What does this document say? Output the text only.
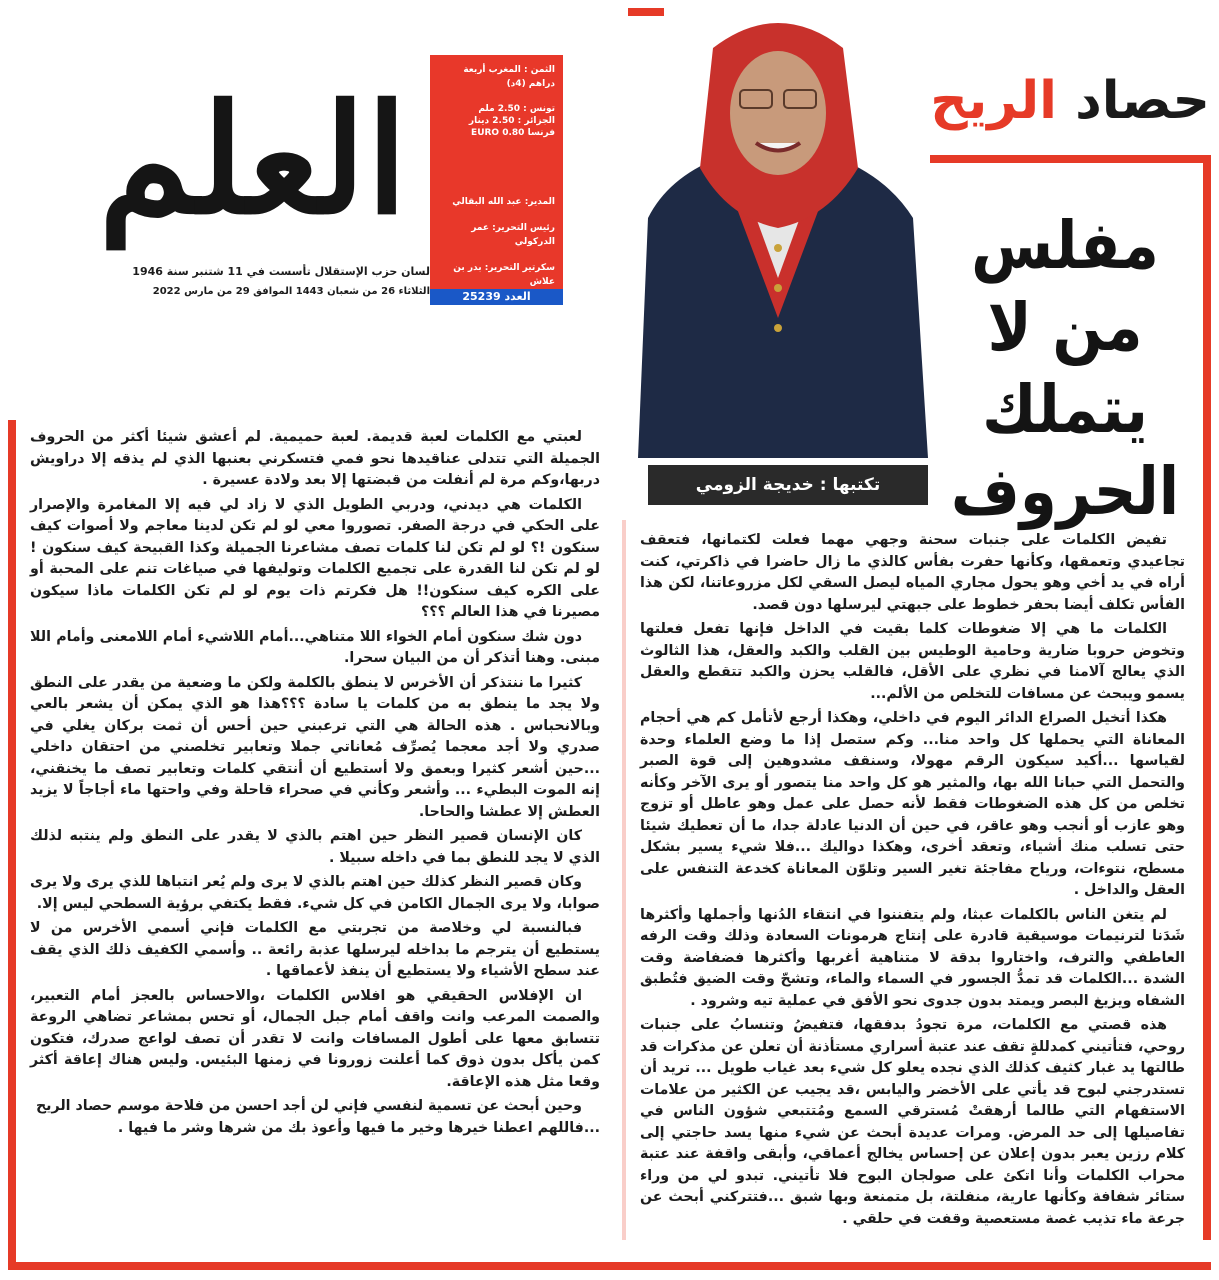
العلم
لسان حزب الإستقلال تأسست في 11 شتنبر سنة 1946
الثلاثاء 26 من شعبان 1443 الموافق 29 من مارس 2022
الثمن : المغرب أربعة دراهم (4د)
تونس : 2.50 ملم
الجزائر : 2.50 دينار
فرنسا 0.80 EURO
المدير: عبد الله البقالي
رئيس التحرير: عمر الدركولي
سكرتير التحرير: بدر بن علاش
العدد 25239
حصاد الريح
مفلس
من لا يتملك
الحروف
تكتبها : خديجة الزومي

تفيض الكلمات على جنبات سحنة وجهي مهما فعلت لكتمانها، فتعقف تجاعيدي وتعمقها، وكأنها حفرت بفأس كالذي ما زال حاضرا في ذاكرتي، كنت أراه في يد أخي وهو يحول مجاري المياه ليصل السقي لكل مزروعاتنا، لكن هذا الفأس تكلف أيضا بحفر خطوط على جبهتي ليرسلها دون قصد.

الكلمات ما هي إلا ضغوطات كلما بقيت في الداخل فإنها تفعل فعلتها وتخوض حروبا ضارية وحامية الوطيس بين القلب والكبد والعقل، هذا الثالوث الذي يعالج آلامنا في نظري على الأقل، فالقلب يحزن والكبد تتقطع والعقل يسمو ويبحث عن مسافات للتخلص من الألم...

هكذا أتخيل الصراع الدائر اليوم في داخلي، وهكذا أرجع لأتأمل كم هي أحجام المعاناة التي يحملها كل واحد منا... وكم ستصل إذا ما وضع العلماء وحدة لقياسها ...أكيد سيكون الرقم مهولا، وسنقف مشدوهين إلى قوة الصبر والتحمل التي حبانا الله بها، والمثير هو كل واحد منا يتصور أو يرى الآخر وكأنه تخلص من كل هذه الضغوطات فقط لأنه حصل على عمل وهو عاطل أو تزوج وهو عازب أو أنجب وهو عاقر، في حين أن الدنيا عادلة جدا، ما أن تعطيك شيئا حتى تسلب منك أشياء، وتعقد أخرى، وهكذا دواليك ...فلا شيء يسير بشكل مسطح، نتوءات، ورياح مفاجئة تغير السير وتلوّن المعاناة كخدعة التنفس على العقل والداخل .

لم يتغن الناس بالكلمات عبثا، ولم يتفننوا في انتقاء الدُنها وأجملها وأكثرها شَدَنا لترنيمات موسيقية قادرة على إنتاج هرمونات السعادة وذلك وقت الرفه العاطفي والترف، واختاروا بدقة لا متناهية أغربها وأكثرها فضفاضة وقت الشدة ...الكلمات قد تمدُّ الجسور في السماء والماء، وتشحّ وقت الضيق فتُطبق الشفاه ويزيغ البصر ويمتد بدون جدوى نحو الأفق في عملية تيه وشرود .

هذه قصتي مع الكلمات، مرة تجودُ بدفقها، فتفيضُ وتنسابُ على جنبات روحي، فتأتيني كمدللةٍ تقف عند عتبة أسراري مستأذنة أن تعلن عن مذكرات قد طالتها يد غبار كثيف كذلك الذي نجده يعلو كل شيء بعد غياب طويل ... تريد أن تستدرجني لبوح قد يأتي على الأخضر واليابس ،قد يجيب عن الكثير من علامات الاستفهام التي طالما أرهقتْ مُسترقي السمع ومُتتبعي شؤون الناس في تفاصيلها إلى حد المرض. ومرات عديدة أبحث عن شيء منها يسد حاجتي إلى كلام رزين يعبر بدون إعلان عن إحساس يخالج أعماقي، وأبقى واقفة عند عتبة محراب الكلمات وأنا اتكئ على صولجان البوح فلا تأتيني. تبدو لي من وراء ستائر شفافة وكأنها عارية، منفلتة، بل متمنعة وبها شبق ...فتتركني أبحث عن جرعة ماء تذيب غصة مستعصية وقفت في حلقي .

لعبتي مع الكلمات لعبة قديمة. لعبة حميمية. لم أعشق شيئا أكثر من الحروف الجميلة التي تتدلى عناقيدها نحو فمي فتسكرني بعنبها الذي لم يذقه إلا دراويش دربها،وكم مرة لم أنفلت من قبضتها إلا بعد ولادة عسيرة .

الكلمات هي ديدني، ودربي الطويل الذي لا زاد لي فيه إلا المغامرة والإصرار على الحكي في درجة الصفر. تصوروا معي لو لم تكن لدينا معاجم ولا أصوات كيف سنكون !؟ لو لم تكن لنا كلمات تصف مشاعرنا الجميلة وكذا القبيحة كيف سنكون ! لو لم تكن لنا القدرة على تجميع الكلمات وتوليفها في صياغات تنم على المحبة أو على الكره كيف سنكون!! هل فكرتم ذات يوم لو لم تكن الكلمات ماذا سيكون مصيرنا في هذا العالم ؟؟؟

دون شك سنكون أمام الخواء اللا متناهي...أمام اللاشيء أمام اللامعنى وأمام اللا مبنى. وهنا أتذكر أن من البيان سحرا.

كثيرا ما ننتذكر أن الأخرس لا ينطق بالكلمة ولكن ما وضعية من يقدر على النطق ولا يجد ما ينطق به من كلمات يا سادة ؟؟؟هذا هو الذي يمكن أن يشعر بالعي وبالانحباس . هذه الحالة هي التي ترعبني حين أحس أن ثمت بركان يغلي في صدري ولا أجد معجما يُصرِّف مُعاناتي جملا وتعابير تخلصني من احتقان داخلي ...حين أشعر كثيرا وبعمق ولا أستطيع أن أنتقي كلمات وتعابير تصف ما يخنقني، إنه الموت البطيء ... وأشعر وكأني في صحراء قاحلة وفي واحتها ماء أجاجاً لا يزيد العطش إلا عطشا والحاحا.

كان الإنسان قصير النظر حين اهتم بالذي لا يقدر على النطق ولم ينتبه لذلك الذي لا يجد للنطق بما في داخله سبيلا .

وكان قصير النظر كذلك حين اهتم بالذي لا يرى ولم يُعر انتباها للذي يرى ولا يرى صوابا، ولا يرى الجمال الكامن في كل شيء. فقط يكتفي برؤية السطحي ليس إلا.

فبالنسبة لي وخلاصة من تجربتي مع الكلمات فإني أسمي الأخرس من لا يستطيع أن يترجم ما بداخله ليرسلها عذبة رائعة .. وأسمي الكفيف ذلك الذي يقف عند سطح الأشياء ولا يستطيع أن ينفذ لأعماقها .

ان الإفلاس الحقيقي هو افلاس الكلمات ،والاحساس بالعجز أمام التعبير، والصمت المرعب وانت واقف أمام جبل الجمال، أو تحس بمشاعر تضاهي الروعة تتسابق معها على أطول المسافات وانت لا تقدر أن تصف لواعج صدرك، فتكون كمن يأكل بدون ذوق كما أعلنت زورونا في زمنها البئيس. وليس هناك إعاقة أكثر وقعا مثل هذه الإعاقة.

وحين أبحث عن تسمية لنفسي فإني لن أجد احسن من فلاحة موسم حصاد الريح ...فاللهم اعطنا خيرها وخير ما فيها وأعوذ بك من شرها وشر ما فيها .
